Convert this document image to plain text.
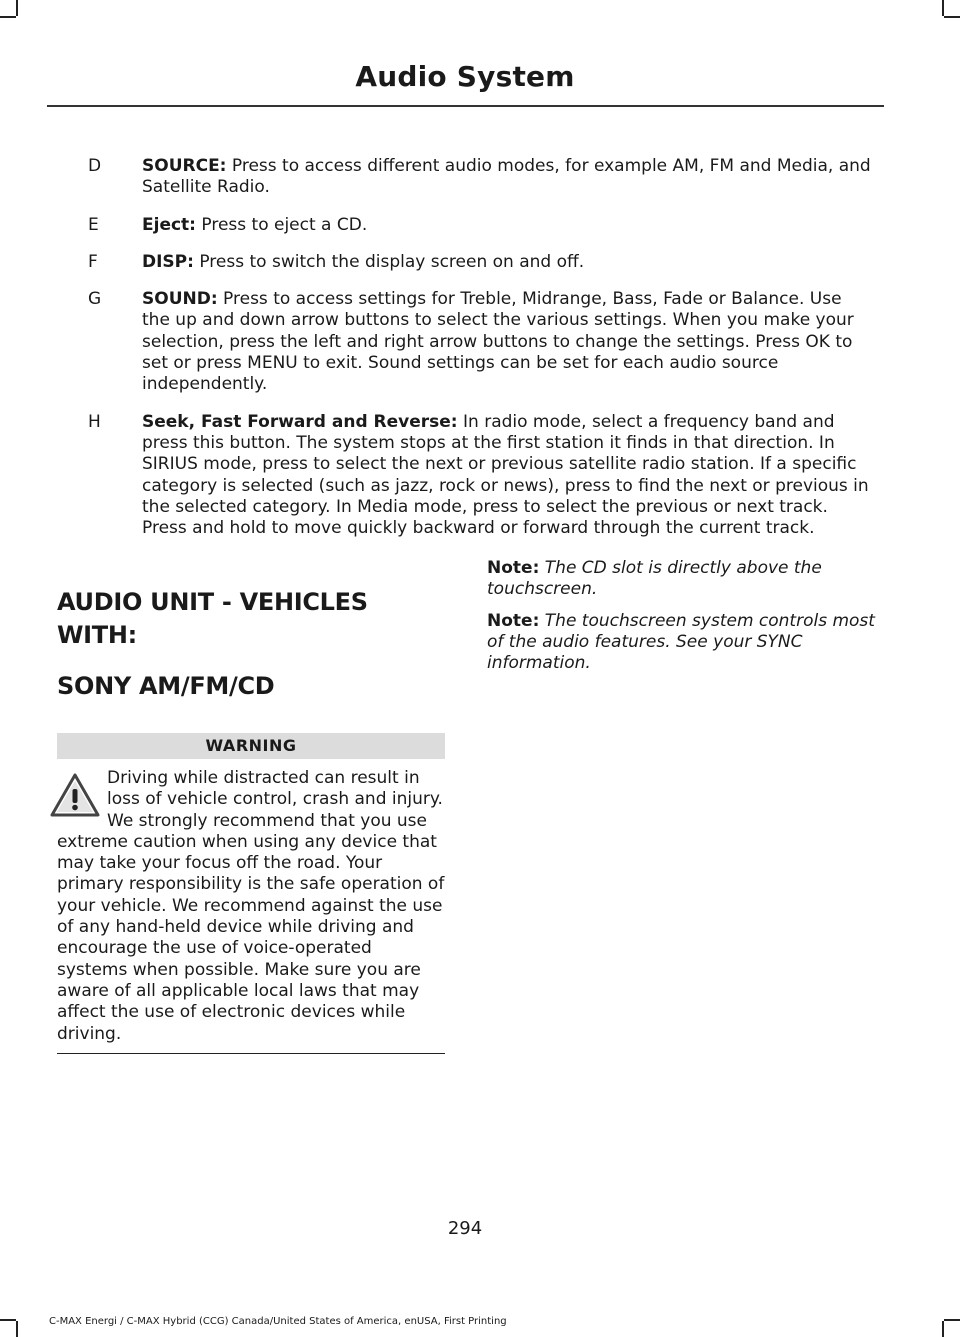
Audio System
D	SOURCE: Press to access different audio modes, for example AM, FM and Media, and Satellite Radio.
E	Eject: Press to eject a CD.
F	DISP: Press to switch the display screen on and off.
G	SOUND: Press to access settings for Treble, Midrange, Bass, Fade or Balance. Use the up and down arrow buttons to select the various settings. When you make your selection, press the left and right arrow buttons to change the settings. Press OK to set or press MENU to exit. Sound settings can be set for each audio source independently.
H	Seek, Fast Forward and Reverse: In radio mode, select a frequency band and press this button. The system stops at the first station it finds in that direction. In SIRIUS mode, press to select the next or previous satellite radio station. If a specific category is selected (such as jazz, rock or news), press to find the next or previous in the selected category. In Media mode, press to select the previous or next track. Press and hold to move quickly backward or forward through the current track.
AUDIO UNIT - VEHICLES WITH:
SONY AM/FM/CD
WARNING
Driving while distracted can result in loss of vehicle control, crash and injury. We strongly recommend that you use extreme caution when using any device that may take your focus off the road. Your primary responsibility is the safe operation of your vehicle. We recommend against the use of any hand-held device while driving and encourage the use of voice-operated systems when possible. Make sure you are aware of all applicable local laws that may affect the use of electronic devices while driving.
Note: The CD slot is directly above the touchscreen.
Note: The touchscreen system controls most of the audio features. See your SYNC information.
294
C-MAX Energi / C-MAX Hybrid (CCG) Canada/United States of America, enUSA, First Printing
